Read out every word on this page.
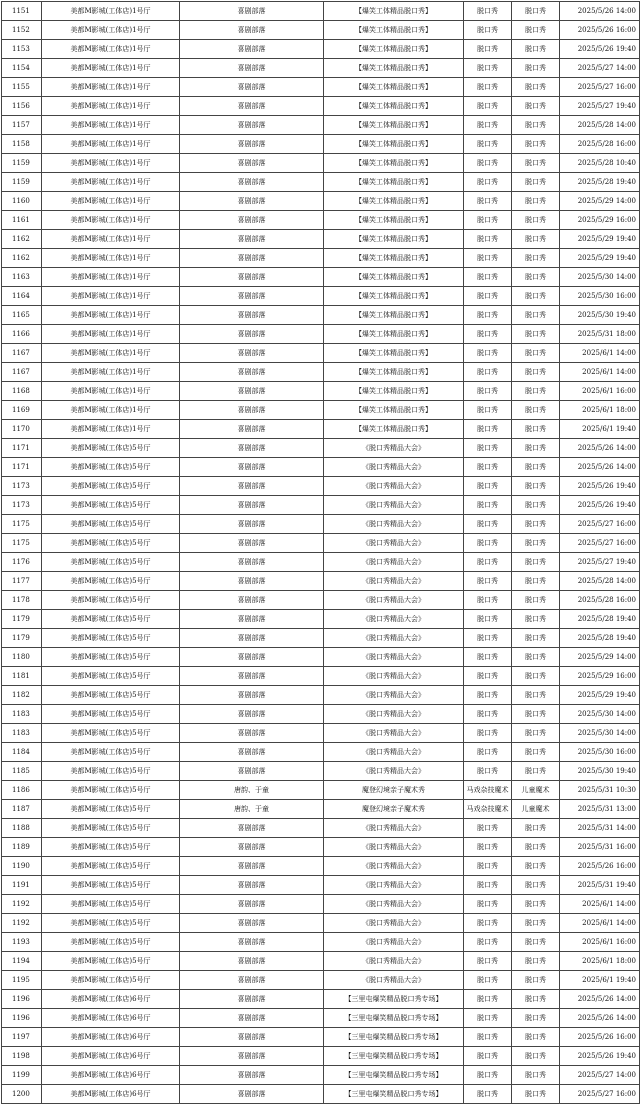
1151	美都M影城(工体店)1号厅	喜剧部落	【爆笑工体精品脱口秀】	脱口秀	脱口秀	2025/5/26 14:00
1152	美都M影城(工体店)1号厅	喜剧部落	【爆笑工体精品脱口秀】	脱口秀	脱口秀	2025/5/26 16:00
1153	美都M影城(工体店)1号厅	喜剧部落	【爆笑工体精品脱口秀】	脱口秀	脱口秀	2025/5/26 19:40
1154	美都M影城(工体店)1号厅	喜剧部落	【爆笑工体精品脱口秀】	脱口秀	脱口秀	2025/5/27 14:00
1155	美都M影城(工体店)1号厅	喜剧部落	【爆笑工体精品脱口秀】	脱口秀	脱口秀	2025/5/27 16:00
1156	美都M影城(工体店)1号厅	喜剧部落	【爆笑工体精品脱口秀】	脱口秀	脱口秀	2025/5/27 19:40
1157	美都M影城(工体店)1号厅	喜剧部落	【爆笑工体精品脱口秀】	脱口秀	脱口秀	2025/5/28 14:00
1158	美都M影城(工体店)1号厅	喜剧部落	【爆笑工体精品脱口秀】	脱口秀	脱口秀	2025/5/28 16:00
1159	美都M影城(工体店)1号厅	喜剧部落	【爆笑工体精品脱口秀】	脱口秀	脱口秀	2025/5/28 10:40
1159	美都M影城(工体店)1号厅	喜剧部落	【爆笑工体精品脱口秀】	脱口秀	脱口秀	2025/5/28 19:40
1160	美都M影城(工体店)1号厅	喜剧部落	【爆笑工体精品脱口秀】	脱口秀	脱口秀	2025/5/29 14:00
1161	美都M影城(工体店)1号厅	喜剧部落	【爆笑工体精品脱口秀】	脱口秀	脱口秀	2025/5/29 16:00
1162	美都M影城(工体店)1号厅	喜剧部落	【爆笑工体精品脱口秀】	脱口秀	脱口秀	2025/5/29 19:40
1162	美都M影城(工体店)1号厅	喜剧部落	【爆笑工体精品脱口秀】	脱口秀	脱口秀	2025/5/29 19:40
1163	美都M影城(工体店)1号厅	喜剧部落	【爆笑工体精品脱口秀】	脱口秀	脱口秀	2025/5/30 14:00
1164	美都M影城(工体店)1号厅	喜剧部落	【爆笑工体精品脱口秀】	脱口秀	脱口秀	2025/5/30 16:00
1165	美都M影城(工体店)1号厅	喜剧部落	【爆笑工体精品脱口秀】	脱口秀	脱口秀	2025/5/30 19:40
1166	美都M影城(工体店)1号厅	喜剧部落	【爆笑工体精品脱口秀】	脱口秀	脱口秀	2025/5/31 18:00
1167	美都M影城(工体店)1号厅	喜剧部落	【爆笑工体精品脱口秀】	脱口秀	脱口秀	2025/6/1 14:00
1167	美都M影城(工体店)1号厅	喜剧部落	【爆笑工体精品脱口秀】	脱口秀	脱口秀	2025/6/1 14:00
1168	美都M影城(工体店)1号厅	喜剧部落	【爆笑工体精品脱口秀】	脱口秀	脱口秀	2025/6/1 16:00
1169	美都M影城(工体店)1号厅	喜剧部落	【爆笑工体精品脱口秀】	脱口秀	脱口秀	2025/6/1 18:00
1170	美都M影城(工体店)1号厅	喜剧部落	【爆笑工体精品脱口秀】	脱口秀	脱口秀	2025/6/1 19:40
1171	美都M影城(工体店)5号厅	喜剧部落	《脱口秀精品大会》	脱口秀	脱口秀	2025/5/26 14:00
1171	美都M影城(工体店)5号厅	喜剧部落	《脱口秀精品大会》	脱口秀	脱口秀	2025/5/26 14:00
1173	美都M影城(工体店)5号厅	喜剧部落	《脱口秀精品大会》	脱口秀	脱口秀	2025/5/26 19:40
1173	美都M影城(工体店)5号厅	喜剧部落	《脱口秀精品大会》	脱口秀	脱口秀	2025/5/26 19:40
1175	美都M影城(工体店)5号厅	喜剧部落	《脱口秀精品大会》	脱口秀	脱口秀	2025/5/27 16:00
1175	美都M影城(工体店)5号厅	喜剧部落	《脱口秀精品大会》	脱口秀	脱口秀	2025/5/27 16:00
1176	美都M影城(工体店)5号厅	喜剧部落	《脱口秀精品大会》	脱口秀	脱口秀	2025/5/27 19:40
1177	美都M影城(工体店)5号厅	喜剧部落	《脱口秀精品大会》	脱口秀	脱口秀	2025/5/28 14:00
1178	美都M影城(工体店)5号厅	喜剧部落	《脱口秀精品大会》	脱口秀	脱口秀	2025/5/28 16:00
1179	美都M影城(工体店)5号厅	喜剧部落	《脱口秀精品大会》	脱口秀	脱口秀	2025/5/28 19:40
1179	美都M影城(工体店)5号厅	喜剧部落	《脱口秀精品大会》	脱口秀	脱口秀	2025/5/28 19:40
1180	美都M影城(工体店)5号厅	喜剧部落	《脱口秀精品大会》	脱口秀	脱口秀	2025/5/29 14:00
1181	美都M影城(工体店)5号厅	喜剧部落	《脱口秀精品大会》	脱口秀	脱口秀	2025/5/29 16:00
1182	美都M影城(工体店)5号厅	喜剧部落	《脱口秀精品大会》	脱口秀	脱口秀	2025/5/29 19:40
1183	美都M影城(工体店)5号厅	喜剧部落	《脱口秀精品大会》	脱口秀	脱口秀	2025/5/30 14:00
1183	美都M影城(工体店)5号厅	喜剧部落	《脱口秀精品大会》	脱口秀	脱口秀	2025/5/30 14:00
1184	美都M影城(工体店)5号厅	喜剧部落	《脱口秀精品大会》	脱口秀	脱口秀	2025/5/30 16:00
1185	美都M影城(工体店)5号厅	喜剧部落	《脱口秀精品大会》	脱口秀	脱口秀	2025/5/30 19:40
1186	美都M影城(工体店)5号厅	唐韵、于童	魔登幻境亲子魔术秀	马戏杂技魔术	儿童魔术	2025/5/31 10:30
1187	美都M影城(工体店)5号厅	唐韵、于童	魔登幻境亲子魔术秀	马戏杂技魔术	儿童魔术	2025/5/31 13:00
1188	美都M影城(工体店)5号厅	喜剧部落	《脱口秀精品大会》	脱口秀	脱口秀	2025/5/31 14:00
1189	美都M影城(工体店)5号厅	喜剧部落	《脱口秀精品大会》	脱口秀	脱口秀	2025/5/31 16:00
1190	美都M影城(工体店)5号厅	喜剧部落	《脱口秀精品大会》	脱口秀	脱口秀	2025/5/26 16:00
1191	美都M影城(工体店)5号厅	喜剧部落	《脱口秀精品大会》	脱口秀	脱口秀	2025/5/31 19:40
1192	美都M影城(工体店)5号厅	喜剧部落	《脱口秀精品大会》	脱口秀	脱口秀	2025/6/1 14:00
1192	美都M影城(工体店)5号厅	喜剧部落	《脱口秀精品大会》	脱口秀	脱口秀	2025/6/1 14:00
1193	美都M影城(工体店)5号厅	喜剧部落	《脱口秀精品大会》	脱口秀	脱口秀	2025/6/1 16:00
1194	美都M影城(工体店)5号厅	喜剧部落	《脱口秀精品大会》	脱口秀	脱口秀	2025/6/1 18:00
1195	美都M影城(工体店)5号厅	喜剧部落	《脱口秀精品大会》	脱口秀	脱口秀	2025/6/1 19:40
1196	美都M影城(工体店)6号厅	喜剧部落	【三里屯爆笑精品脱口秀专场】	脱口秀	脱口秀	2025/5/26 14:00
1196	美都M影城(工体店)6号厅	喜剧部落	【三里屯爆笑精品脱口秀专场】	脱口秀	脱口秀	2025/5/26 14:00
1197	美都M影城(工体店)6号厅	喜剧部落	【三里屯爆笑精品脱口秀专场】	脱口秀	脱口秀	2025/5/26 16:00
1198	美都M影城(工体店)6号厅	喜剧部落	【三里屯爆笑精品脱口秀专场】	脱口秀	脱口秀	2025/5/26 19:40
1199	美都M影城(工体店)6号厅	喜剧部落	【三里屯爆笑精品脱口秀专场】	脱口秀	脱口秀	2025/5/27 14:00
1200	美都M影城(工体店)6号厅	喜剧部落	【三里屯爆笑精品脱口秀专场】	脱口秀	脱口秀	2025/5/27 16:00
